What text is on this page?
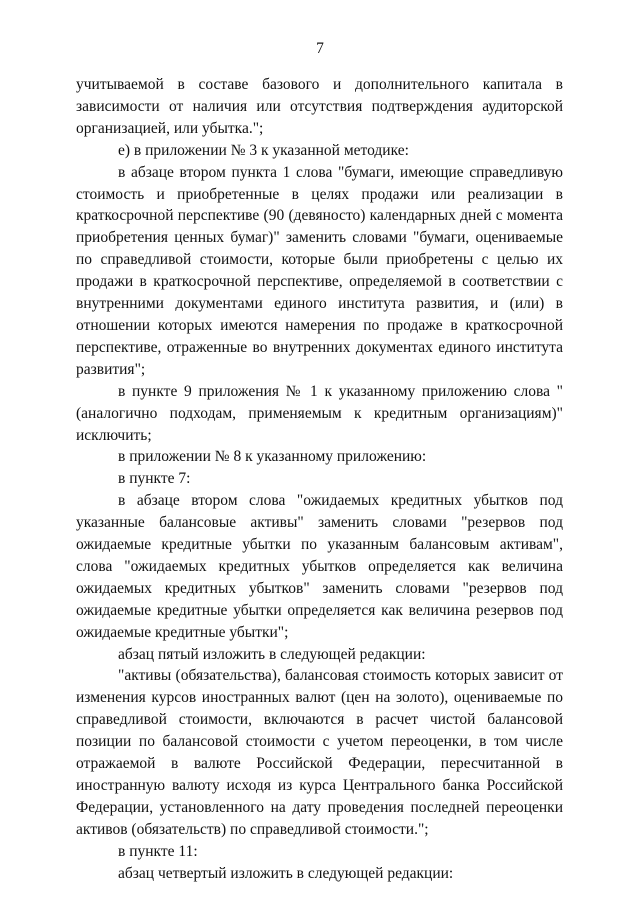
7

учитываемой в составе базового и дополнительного капитала в зависимости от наличия или отсутствия подтверждения аудиторской организацией, или убытка.";

е) в приложении № 3 к указанной методике:

в абзаце втором пункта 1 слова "бумаги, имеющие справедливую стоимость и приобретенные в целях продажи или реализации в краткосрочной перспективе (90 (девяносто) календарных дней с момента приобретения ценных бумаг)" заменить словами "бумаги, оцениваемые по справедливой стоимости, которые были приобретены с целью их продажи в краткосрочной перспективе, определяемой в соответствии с внутренними документами единого института развития, и (или) в отношении которых имеются намерения по продаже в краткосрочной перспективе, отраженные во внутренних документах единого института развития";

в пункте 9 приложения № 1 к указанному приложению слова "(аналогично подходам, применяемым к кредитным организациям)" исключить;

в приложении № 8 к указанному приложению:

в пункте 7:

в абзаце втором слова "ожидаемых кредитных убытков под указанные балансовые активы" заменить словами "резервов под ожидаемые кредитные убытки по указанным балансовым активам", слова "ожидаемых кредитных убытков определяется как величина ожидаемых кредитных убытков" заменить словами "резервов под ожидаемые кредитные убытки определяется как величина резервов под ожидаемые кредитные убытки";

абзац пятый изложить в следующей редакции:

"активы (обязательства), балансовая стоимость которых зависит от изменения курсов иностранных валют (цен на золото), оцениваемые по справедливой стоимости, включаются в расчет чистой балансовой позиции по балансовой стоимости с учетом переоценки, в том числе отражаемой в валюте Российской Федерации, пересчитанной в иностранную валюту исходя из курса Центрального банка Российской Федерации, установленного на дату проведения последней переоценки активов (обязательств) по справедливой стоимости.";

в пункте 11:

абзац четвертый изложить в следующей редакции:
